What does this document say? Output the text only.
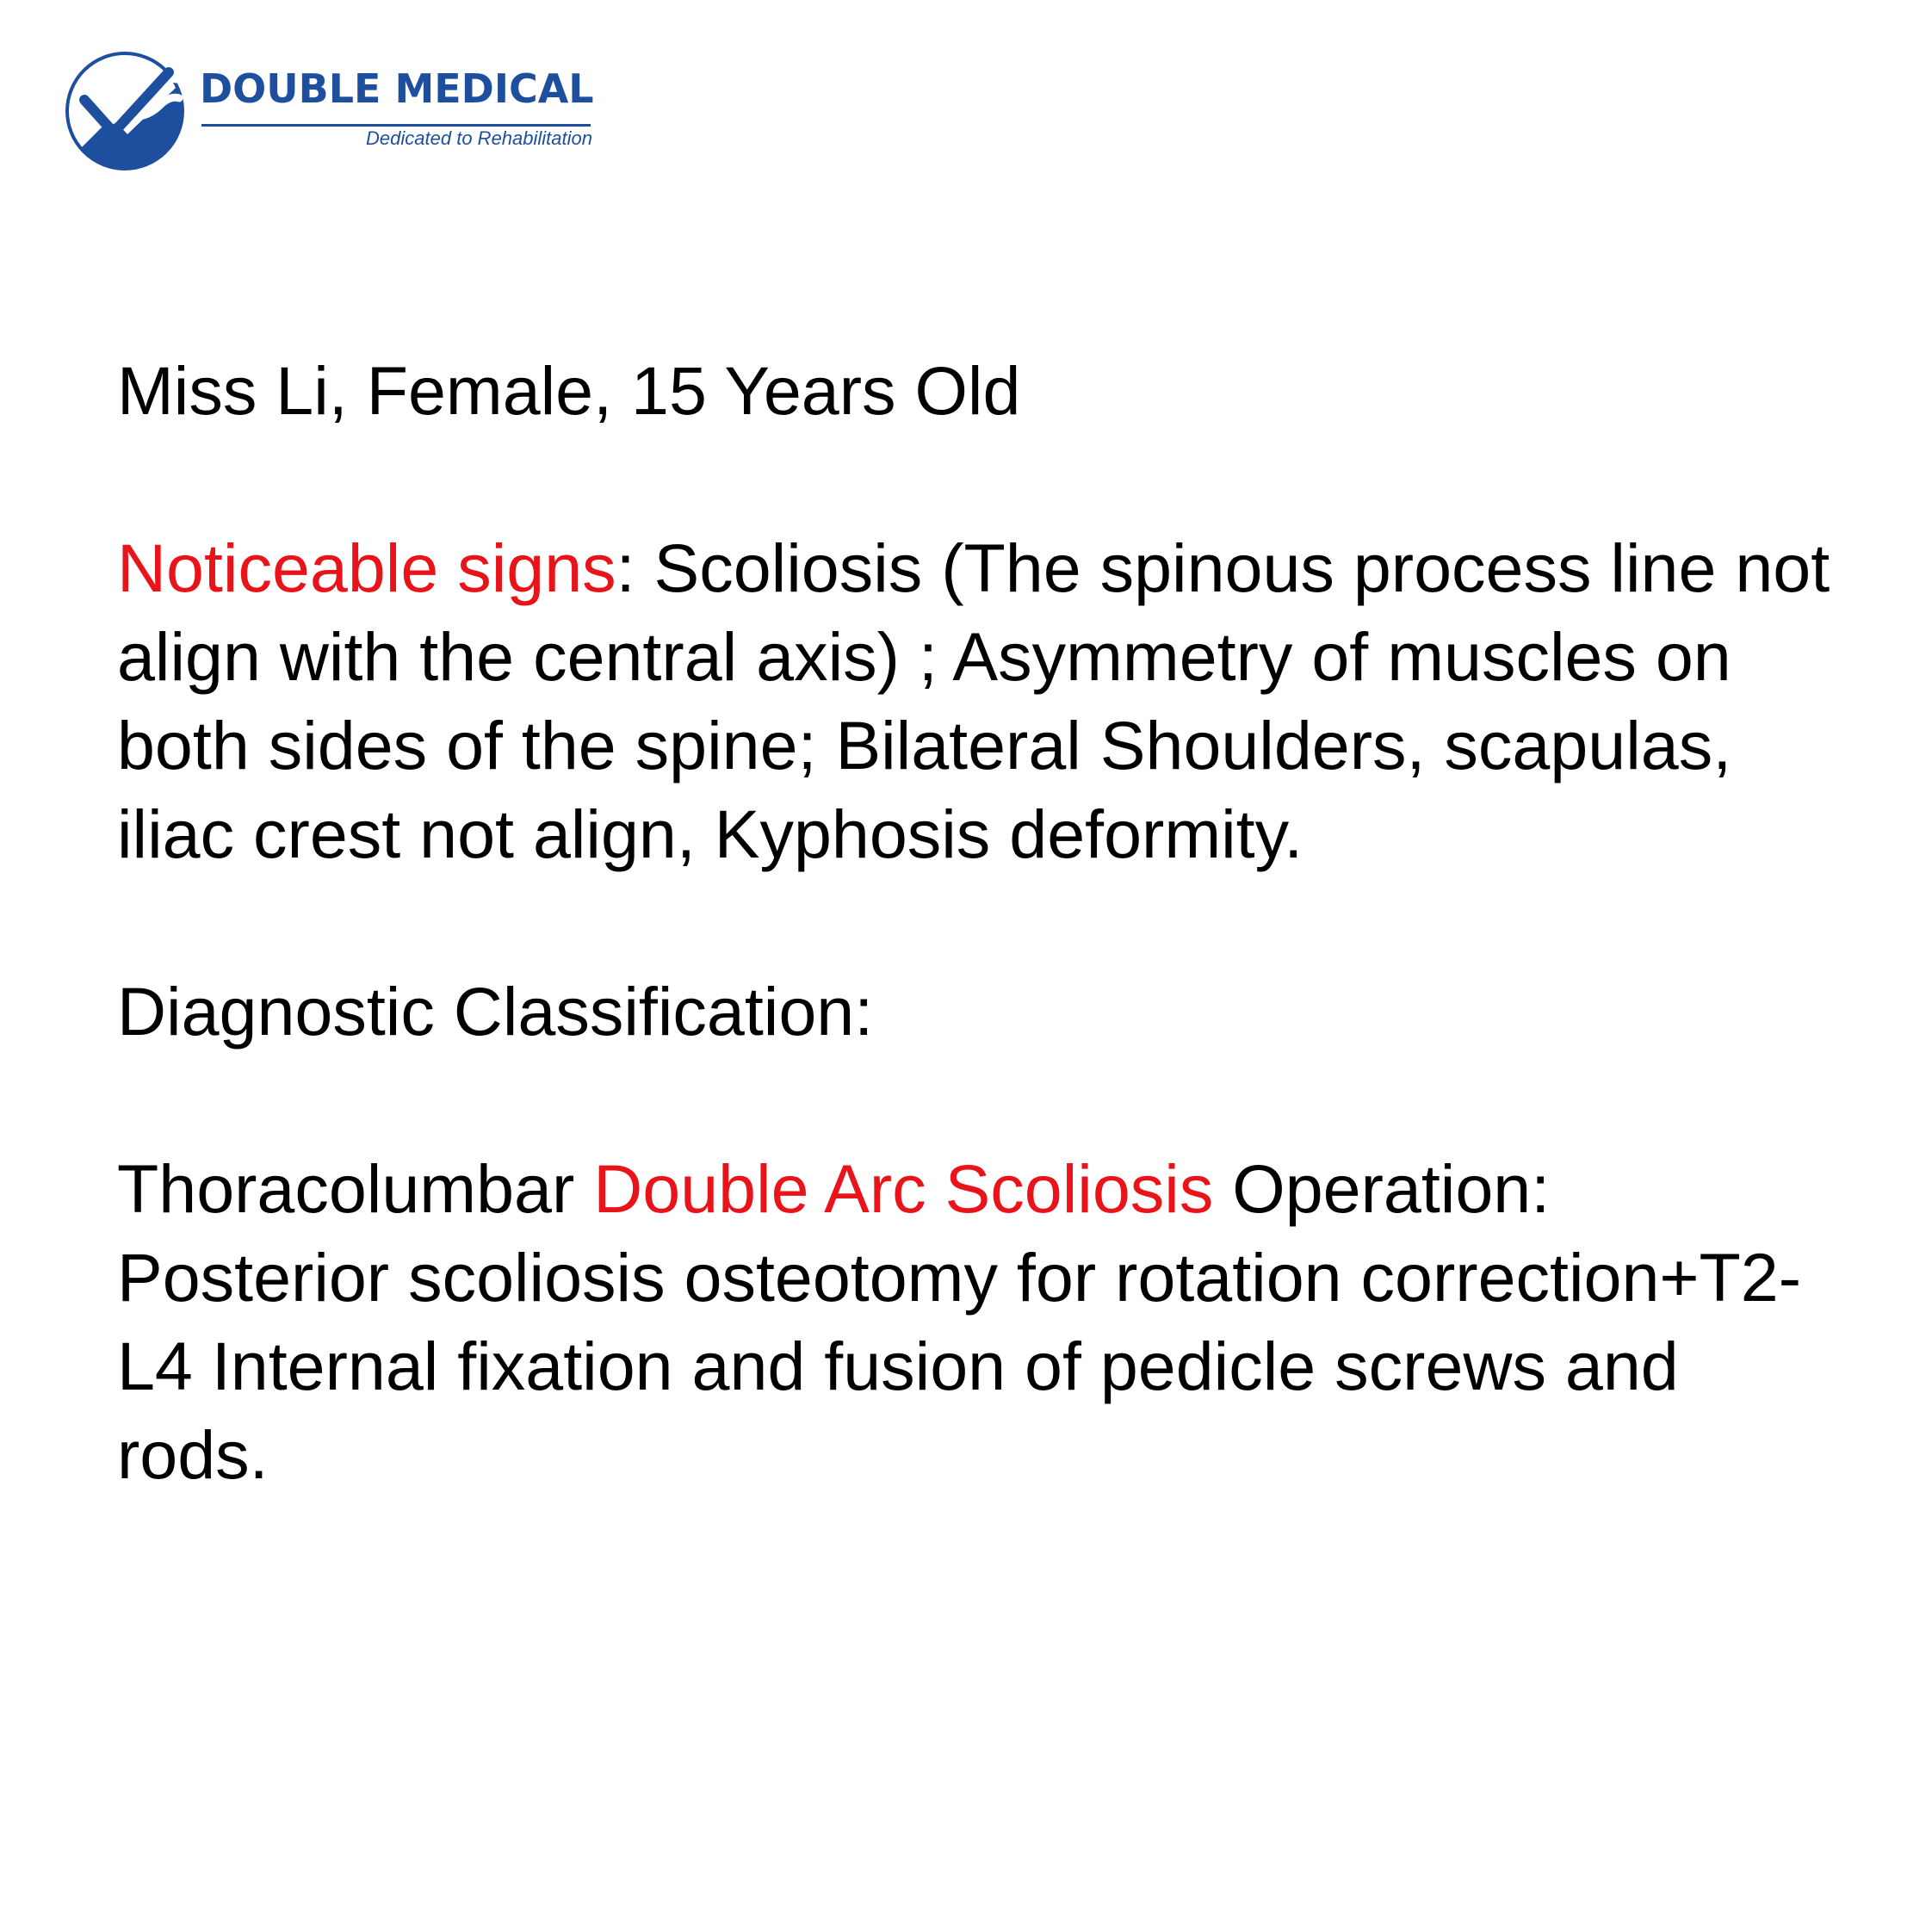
DOUBLE MEDICAL
Dedicated to Rehabilitation

Miss Li, Female, 15 Years Old

Noticeable signs: Scoliosis (The spinous process line not align with the central axis) ; Asymmetry of muscles on both sides of the spine; Bilateral Shoulders, scapulas, iliac crest not align, Kyphosis deformity.

Diagnostic Classification:

Thoracolumbar Double Arc Scoliosis Operation: Posterior scoliosis osteotomy for rotation correction+T2-L4 Internal fixation and fusion of pedicle screws and rods.
